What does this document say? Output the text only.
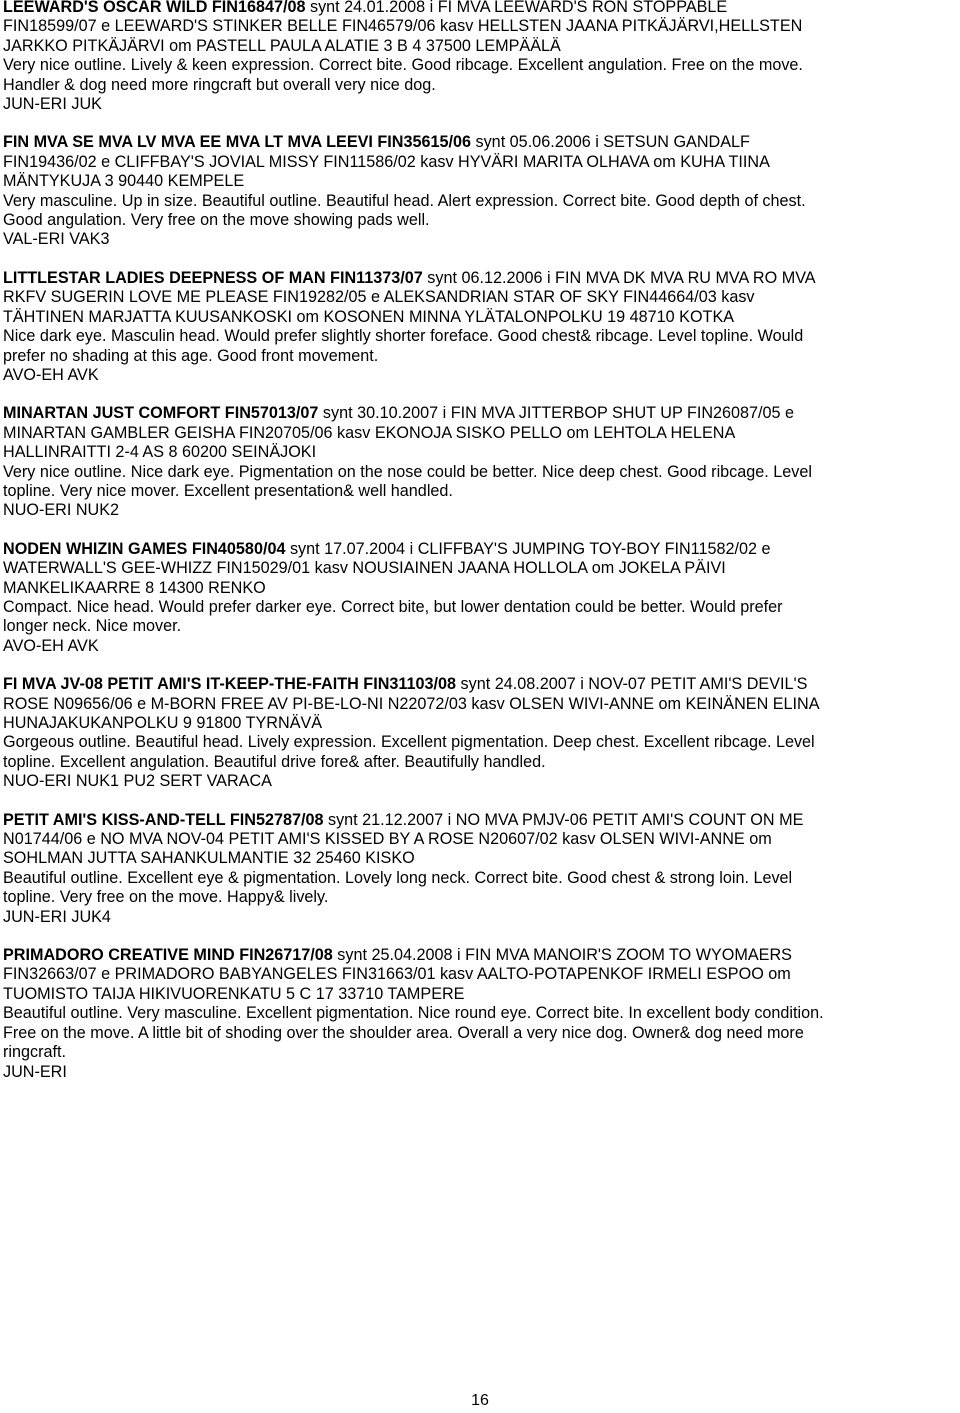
LEEWARD'S OSCAR WILD FIN16847/08 synt 24.01.2008 i FI MVA LEEWARD'S RON STOPPABLE
FIN18599/07 e LEEWARD'S STINKER BELLE FIN46579/06 kasv HELLSTEN JAANA PITKÄJÄRVI,HELLSTEN
JARKKO PITKÄJÄRVI om PASTELL PAULA ALATIE 3 B 4 37500 LEMPÄÄLÄ
Very nice outline. Lively & keen expression. Correct bite. Good ribcage. Excellent angulation. Free on the move.
Handler & dog need more ringcraft but overall very nice dog.
JUN-ERI JUK
FIN MVA SE MVA LV MVA EE MVA LT MVA LEEVI FIN35615/06 synt 05.06.2006 i SETSUN GANDALF
FIN19436/02 e CLIFFBAY'S JOVIAL MISSY FIN11586/02 kasv HYVÄRI MARITA OLHAVA om KUHA TIINA
MÄNTYKUJA 3 90440 KEMPELE
Very masculine. Up in size. Beautiful outline. Beautiful head. Alert expression. Correct bite. Good depth of chest.
Good angulation. Very free on the move showing pads well.
VAL-ERI VAK3
LITTLESTAR LADIES DEEPNESS OF MAN FIN11373/07 synt 06.12.2006 i FIN MVA DK MVA RU MVA RO MVA
RKFV SUGERIN LOVE ME PLEASE FIN19282/05 e ALEKSANDRIAN STAR OF SKY FIN44664/03 kasv
TÄHTINEN MARJATTA KUUSANKOSKI om KOSONEN MINNA YLÄTALONPOLKU 19 48710 KOTKA
Nice dark eye. Masculin head. Would prefer slightly shorter foreface. Good chest& ribcage. Level topline. Would
prefer no shading at this age. Good front movement.
AVO-EH AVK
MINARTAN JUST COMFORT FIN57013/07 synt 30.10.2007 i FIN MVA JITTERBOP SHUT UP FIN26087/05 e
MINARTAN GAMBLER GEISHA FIN20705/06 kasv EKONOJA SISKO PELLO om LEHTOLA HELENA
HALLINRAITTI 2-4 AS 8 60200 SEINÄJOKI
Very nice outline. Nice dark eye. Pigmentation on the nose could be better. Nice deep chest. Good ribcage. Level
topline. Very nice mover. Excellent presentation& well handled.
NUO-ERI NUK2
NODEN WHIZIN GAMES FIN40580/04 synt 17.07.2004 i CLIFFBAY'S JUMPING TOY-BOY FIN11582/02 e
WATERWALL'S GEE-WHIZZ FIN15029/01 kasv NOUSIAINEN JAANA HOLLOLA om JOKELA PÄIVI
MANKELIKAARRE 8 14300 RENKO
Compact. Nice head. Would prefer darker eye. Correct bite, but lower dentation could be better. Would prefer
longer neck. Nice mover.
AVO-EH AVK
FI MVA JV-08 PETIT AMI'S IT-KEEP-THE-FAITH FIN31103/08 synt 24.08.2007 i NOV-07 PETIT AMI'S DEVIL'S
ROSE N09656/06 e M-BORN FREE AV PI-BE-LO-NI N22072/03 kasv OLSEN WIVI-ANNE om KEINÄNEN ELINA
HUNAJAKUKANPOLKU 9 91800 TYRNÄVÄ
Gorgeous outline. Beautiful head. Lively expression. Excellent pigmentation. Deep chest. Excellent ribcage. Level
topline. Excellent angulation. Beautiful drive fore& after. Beautifully handled.
NUO-ERI NUK1 PU2 SERT VARACA
PETIT AMI'S KISS-AND-TELL FIN52787/08 synt 21.12.2007 i NO MVA PMJV-06 PETIT AMI'S COUNT ON ME
N01744/06 e NO MVA NOV-04 PETIT AMI'S KISSED BY A ROSE N20607/02 kasv OLSEN WIVI-ANNE om
SOHLMAN JUTTA SAHANKULMANTIE 32 25460 KISKO
Beautiful outline. Excellent eye & pigmentation. Lovely long neck. Correct bite. Good chest & strong loin. Level
topline. Very free on the move. Happy& lively.
JUN-ERI JUK4
PRIMADORO CREATIVE MIND FIN26717/08 synt 25.04.2008 i FIN MVA MANOIR'S ZOOM TO WYOMAERS
FIN32663/07 e PRIMADORO BABYANGELES FIN31663/01 kasv AALTO-POTAPENKOF IRMELI ESPOO om
TUOMISTO TAIJA HIKIVUORENKATU 5 C 17 33710 TAMPERE
Beautiful outline. Very masculine. Excellent pigmentation. Nice round eye. Correct bite. In excellent body condition.
Free on the move. A little bit of shoding over the shoulder area. Overall a very nice dog. Owner& dog need more
ringcraft.
JUN-ERI
16
